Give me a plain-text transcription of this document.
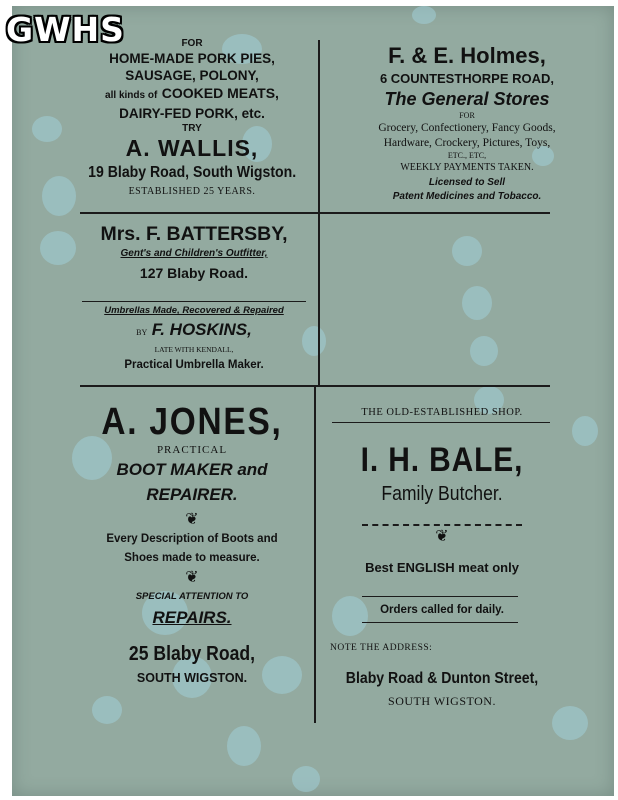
FOR
HOME-MADE PORK PIES,
SAUSAGE, POLONY,
all kinds of COOKED MEATS,
DAIRY-FED PORK, etc.
TRY
A. WALLIS,
19 Blaby Road, South Wigston.
ESTABLISHED 25 YEARS.
F. & E. Holmes,
6 COUNTESTHORPE ROAD,
The General Stores
FOR
Grocery, Confectionery, Fancy Goods,
Hardware, Crockery, Pictures, Toys,
ETC., ETC,
WEEKLY PAYMENTS TAKEN.
Licensed to Sell
Patent Medicines and Tobacco.
Mrs. F. BATTERSBY,
Gent's and Children's Outfitter,
127 Blaby Road.
Umbrellas Made, Recovered & Repaired
BY F. HOSKINS,
LATE WITH KENDALL,
Practical Umbrella Maker.
A. JONES,
PRACTICAL
BOOT MAKER and
REPAIRER.
❦
Every Description of Boots and
Shoes made to measure.
❦
SPECIAL ATTENTION TO
REPAIRS.
25 Blaby Road,
SOUTH WIGSTON.
THE OLD-ESTABLISHED SHOP.
I. H. BALE,
Family Butcher.
❦
Best ENGLISH meat only
Orders called for daily.
NOTE THE ADDRESS:
Blaby Road & Dunton Street,
SOUTH WIGSTON.
GWHS
